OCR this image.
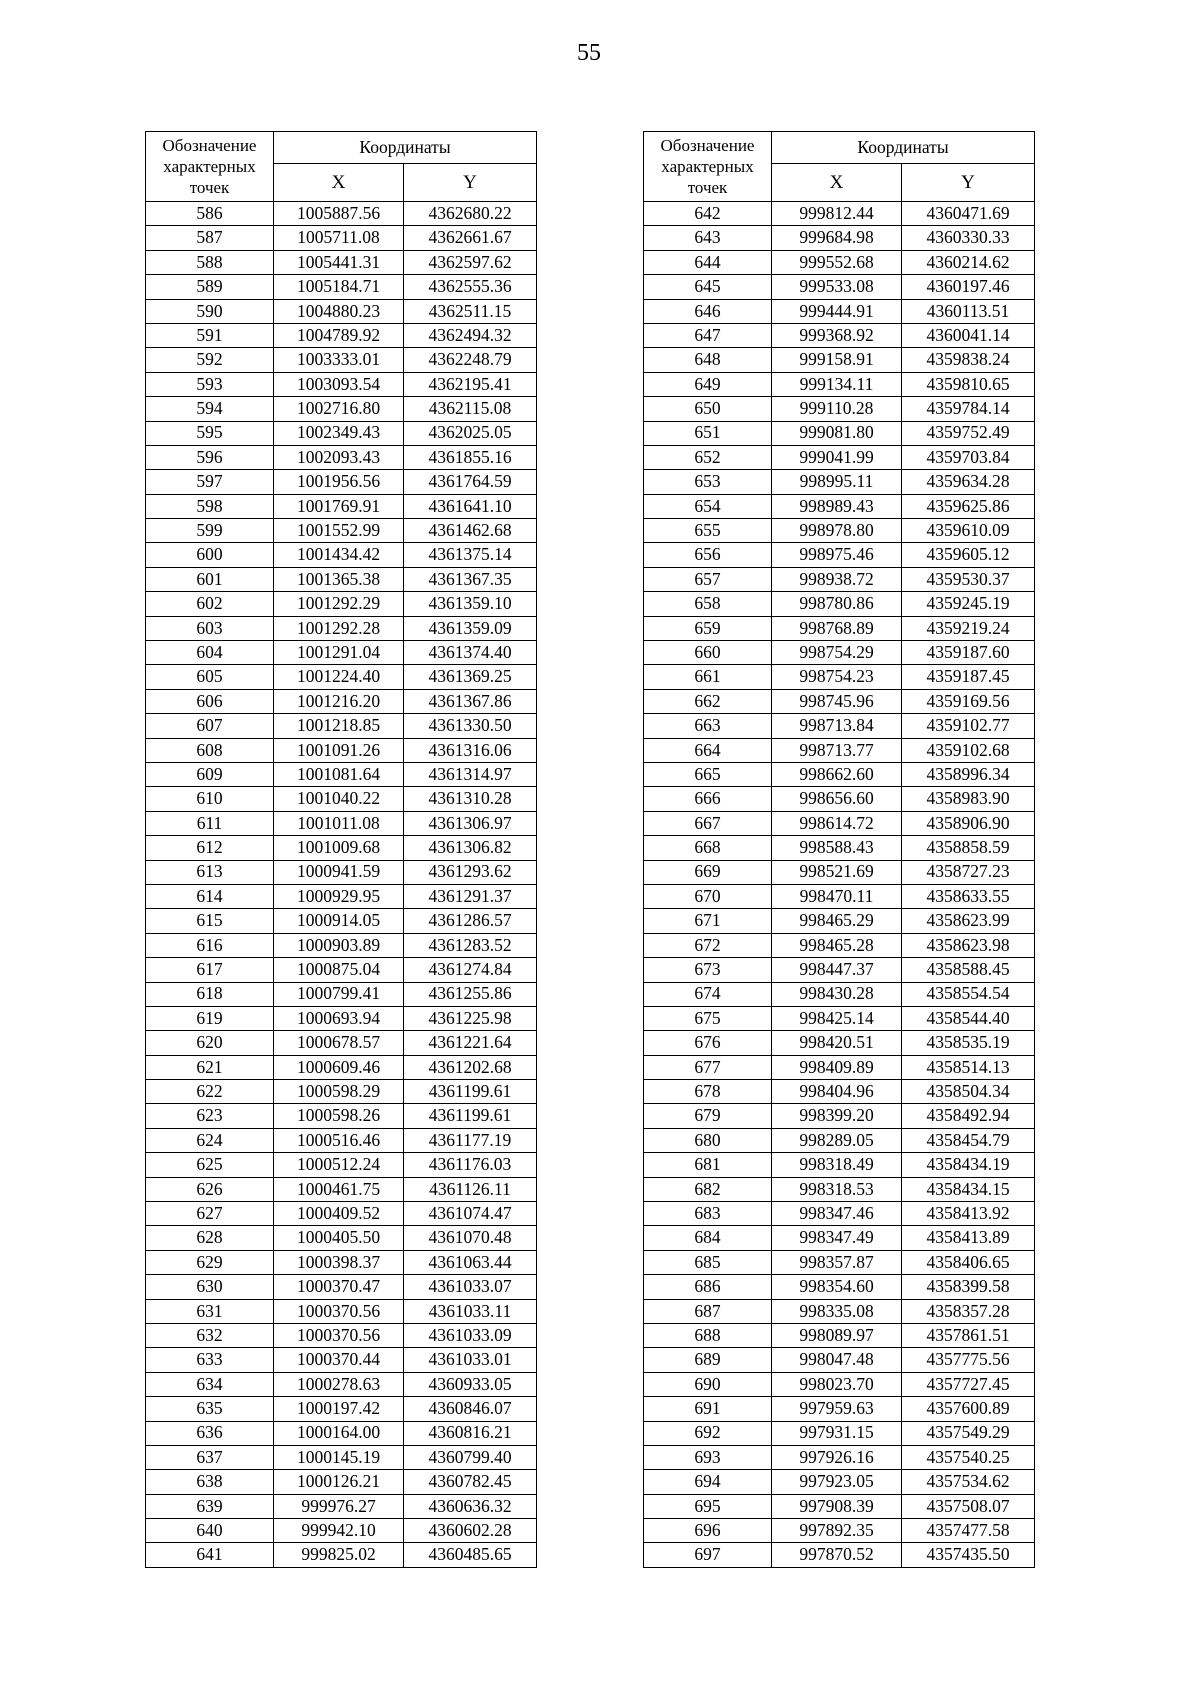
55
Обозначение
характерных
точек	Координаты	
	X	Y
586	1005887.56	4362680.22
587	1005711.08	4362661.67
588	1005441.31	4362597.62
589	1005184.71	4362555.36
590	1004880.23	4362511.15
591	1004789.92	4362494.32
592	1003333.01	4362248.79
593	1003093.54	4362195.41
594	1002716.80	4362115.08
595	1002349.43	4362025.05
596	1002093.43	4361855.16
597	1001956.56	4361764.59
598	1001769.91	4361641.10
599	1001552.99	4361462.68
600	1001434.42	4361375.14
601	1001365.38	4361367.35
602	1001292.29	4361359.10
603	1001292.28	4361359.09
604	1001291.04	4361374.40
605	1001224.40	4361369.25
606	1001216.20	4361367.86
607	1001218.85	4361330.50
608	1001091.26	4361316.06
609	1001081.64	4361314.97
610	1001040.22	4361310.28
611	1001011.08	4361306.97
612	1001009.68	4361306.82
613	1000941.59	4361293.62
614	1000929.95	4361291.37
615	1000914.05	4361286.57
616	1000903.89	4361283.52
617	1000875.04	4361274.84
618	1000799.41	4361255.86
619	1000693.94	4361225.98
620	1000678.57	4361221.64
621	1000609.46	4361202.68
622	1000598.29	4361199.61
623	1000598.26	4361199.61
624	1000516.46	4361177.19
625	1000512.24	4361176.03
626	1000461.75	4361126.11
627	1000409.52	4361074.47
628	1000405.50	4361070.48
629	1000398.37	4361063.44
630	1000370.47	4361033.07
631	1000370.56	4361033.11
632	1000370.56	4361033.09
633	1000370.44	4361033.01
634	1000278.63	4360933.05
635	1000197.42	4360846.07
636	1000164.00	4360816.21
637	1000145.19	4360799.40
638	1000126.21	4360782.45
639	999976.27	4360636.32
640	999942.10	4360602.28
641	999825.02	4360485.65
Обозначение
характерных
точек	Координаты	
	X	Y
642	999812.44	4360471.69
643	999684.98	4360330.33
644	999552.68	4360214.62
645	999533.08	4360197.46
646	999444.91	4360113.51
647	999368.92	4360041.14
648	999158.91	4359838.24
649	999134.11	4359810.65
650	999110.28	4359784.14
651	999081.80	4359752.49
652	999041.99	4359703.84
653	998995.11	4359634.28
654	998989.43	4359625.86
655	998978.80	4359610.09
656	998975.46	4359605.12
657	998938.72	4359530.37
658	998780.86	4359245.19
659	998768.89	4359219.24
660	998754.29	4359187.60
661	998754.23	4359187.45
662	998745.96	4359169.56
663	998713.84	4359102.77
664	998713.77	4359102.68
665	998662.60	4358996.34
666	998656.60	4358983.90
667	998614.72	4358906.90
668	998588.43	4358858.59
669	998521.69	4358727.23
670	998470.11	4358633.55
671	998465.29	4358623.99
672	998465.28	4358623.98
673	998447.37	4358588.45
674	998430.28	4358554.54
675	998425.14	4358544.40
676	998420.51	4358535.19
677	998409.89	4358514.13
678	998404.96	4358504.34
679	998399.20	4358492.94
680	998289.05	4358454.79
681	998318.49	4358434.19
682	998318.53	4358434.15
683	998347.46	4358413.92
684	998347.49	4358413.89
685	998357.87	4358406.65
686	998354.60	4358399.58
687	998335.08	4358357.28
688	998089.97	4357861.51
689	998047.48	4357775.56
690	998023.70	4357727.45
691	997959.63	4357600.89
692	997931.15	4357549.29
693	997926.16	4357540.25
694	997923.05	4357534.62
695	997908.39	4357508.07
696	997892.35	4357477.58
697	997870.52	4357435.50
